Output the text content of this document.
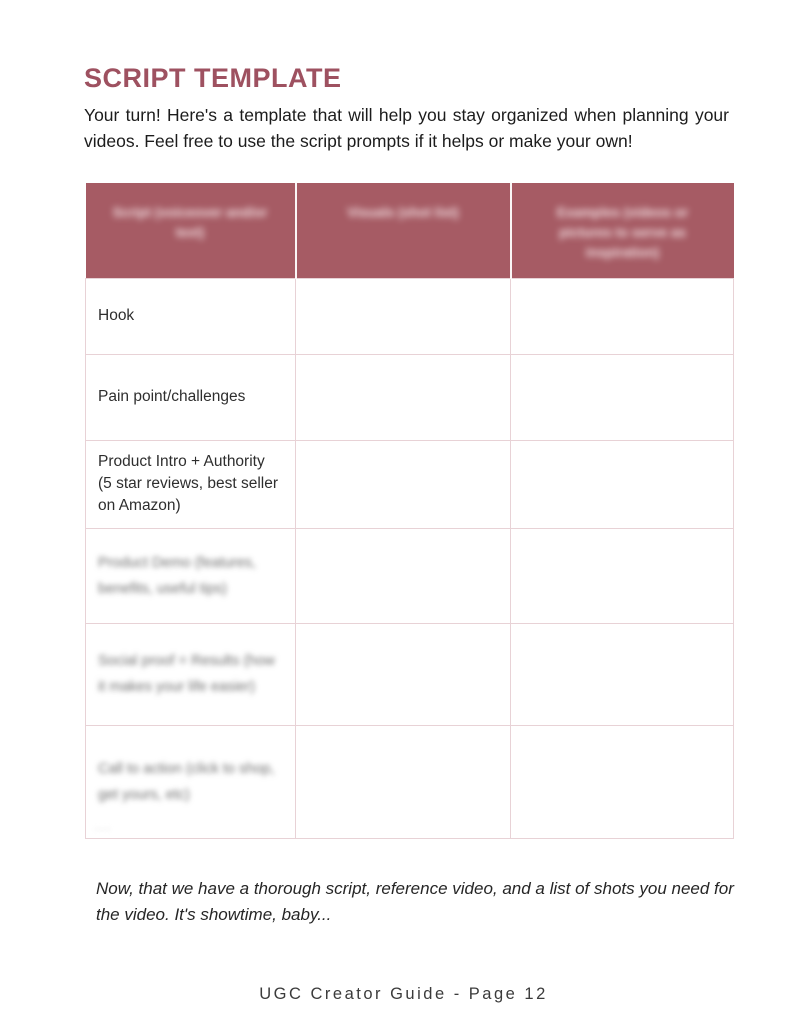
SCRIPT TEMPLATE
Your turn! Here's a template that will help you stay organized when planning your videos. Feel free to use the script prompts if it helps or make your own!
Script (voiceover and/or text)	Visuals (shot list)	Examples (videos or pictures to serve as inspiration)

Hook		

Pain point/challenges		

Product Intro + Authority (5 star reviews, best seller on Amazon)		

Product Demo (features, benefits, useful tips)		

Social proof = Results (how it makes your life easier)		

Call to action (click to shop, get yours, etc)		

...
Now, that we have a thorough script, reference video, and a list of shots you need for the video. It's showtime, baby...
UGC Creator Guide - Page 12
